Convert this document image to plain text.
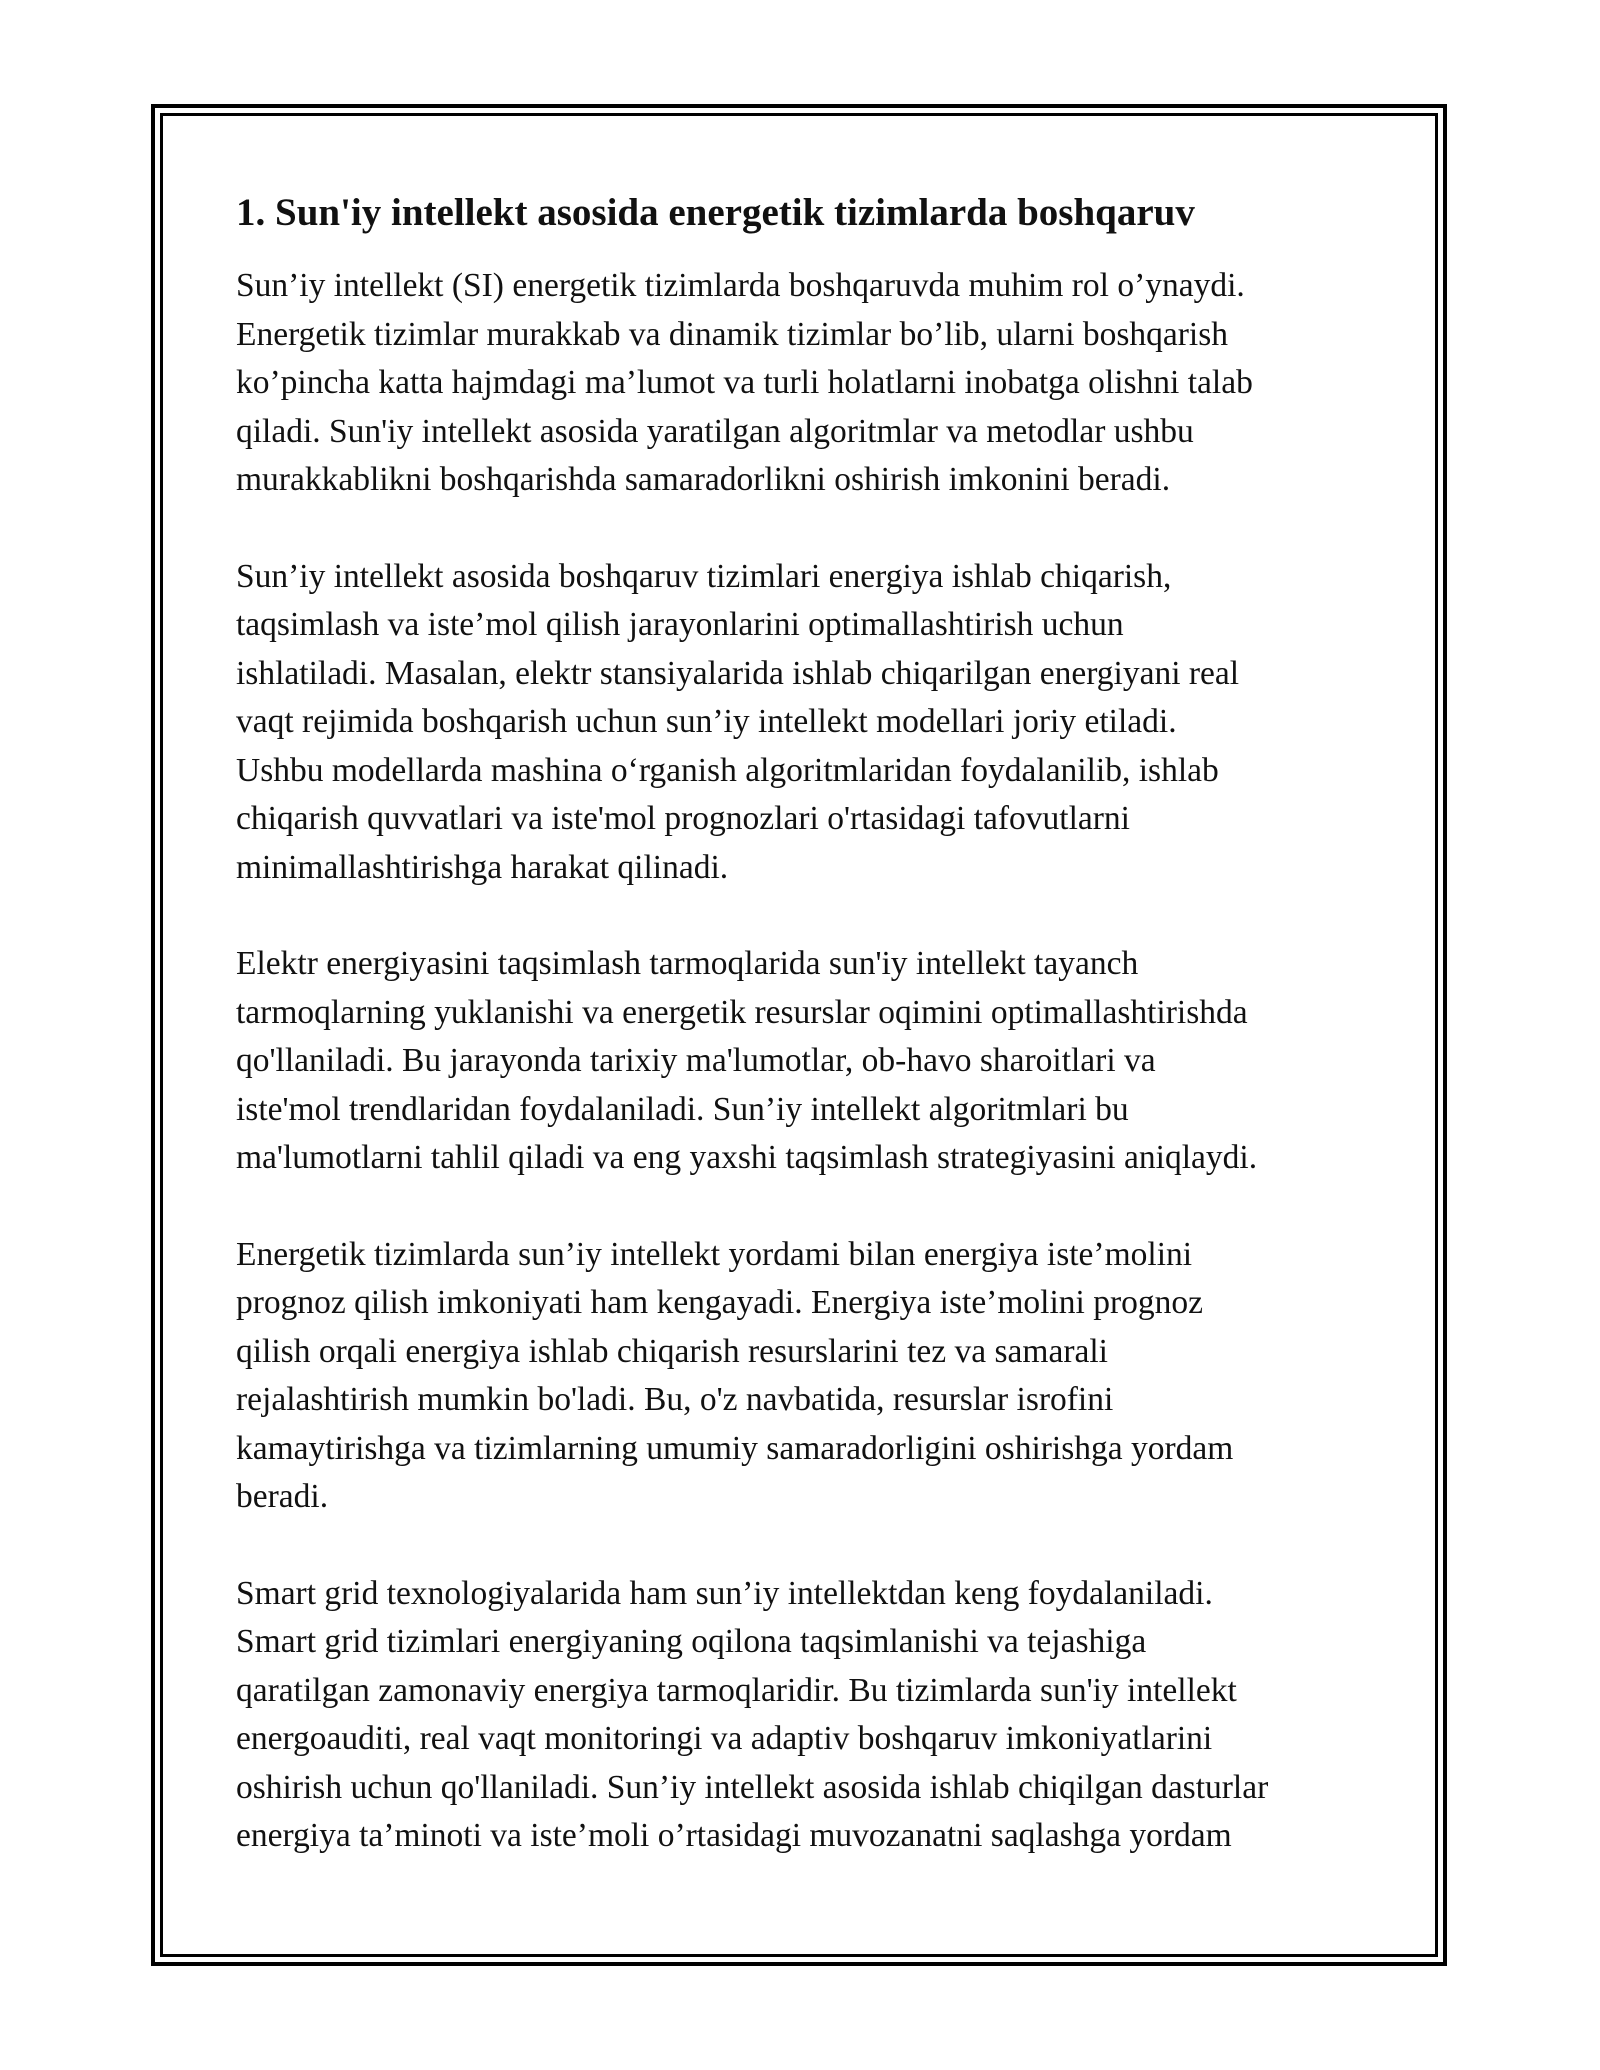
1. Sun'iy intellekt asosida energetik tizimlarda boshqaruv

Sun’iy intellekt (SI) energetik tizimlarda boshqaruvda muhim rol o’ynaydi.
Energetik tizimlar murakkab va dinamik tizimlar bo’lib, ularni boshqarish
ko’pincha katta hajmdagi ma’lumot va turli holatlarni inobatga olishni talab
qiladi. Sun'iy intellekt asosida yaratilgan algoritmlar va metodlar ushbu
murakkablikni boshqarishda samaradorlikni oshirish imkonini beradi.

Sun’iy intellekt asosida boshqaruv tizimlari energiya ishlab chiqarish,
taqsimlash va iste’mol qilish jarayonlarini optimallashtirish uchun
ishlatiladi. Masalan, elektr stansiyalarida ishlab chiqarilgan energiyani real
vaqt rejimida boshqarish uchun sun’iy intellekt modellari joriy etiladi.
Ushbu modellarda mashina o‘rganish algoritmlaridan foydalanilib, ishlab
chiqarish quvvatlari va iste'mol prognozlari o'rtasidagi tafovutlarni
minimallashtirishga harakat qilinadi.

Elektr energiyasini taqsimlash tarmoqlarida sun'iy intellekt tayanch
tarmoqlarning yuklanishi va energetik resurslar oqimini optimallashtirishda
qo'llaniladi. Bu jarayonda tarixiy ma'lumotlar, ob-havo sharoitlari va
iste'mol trendlaridan foydalaniladi. Sun’iy intellekt algoritmlari bu
ma'lumotlarni tahlil qiladi va eng yaxshi taqsimlash strategiyasini aniqlaydi.

Energetik tizimlarda sun’iy intellekt yordami bilan energiya iste’molini
prognoz qilish imkoniyati ham kengayadi. Energiya iste’molini prognoz
qilish orqali energiya ishlab chiqarish resurslarini tez va samarali
rejalashtirish mumkin bo'ladi. Bu, o'z navbatida, resurslar isrofini
kamaytirishga va tizimlarning umumiy samaradorligini oshirishga yordam
beradi.

Smart grid texnologiyalarida ham sun’iy intellektdan keng foydalaniladi.
Smart grid tizimlari energiyaning oqilona taqsimlanishi va tejashiga
qaratilgan zamonaviy energiya tarmoqlaridir. Bu tizimlarda sun'iy intellekt
energoauditi, real vaqt monitoringi va adaptiv boshqaruv imkoniyatlarini
oshirish uchun qo'llaniladi. Sun’iy intellekt asosida ishlab chiqilgan dasturlar
energiya ta’minoti va iste’moli o’rtasidagi muvozanatni saqlashga yordam
